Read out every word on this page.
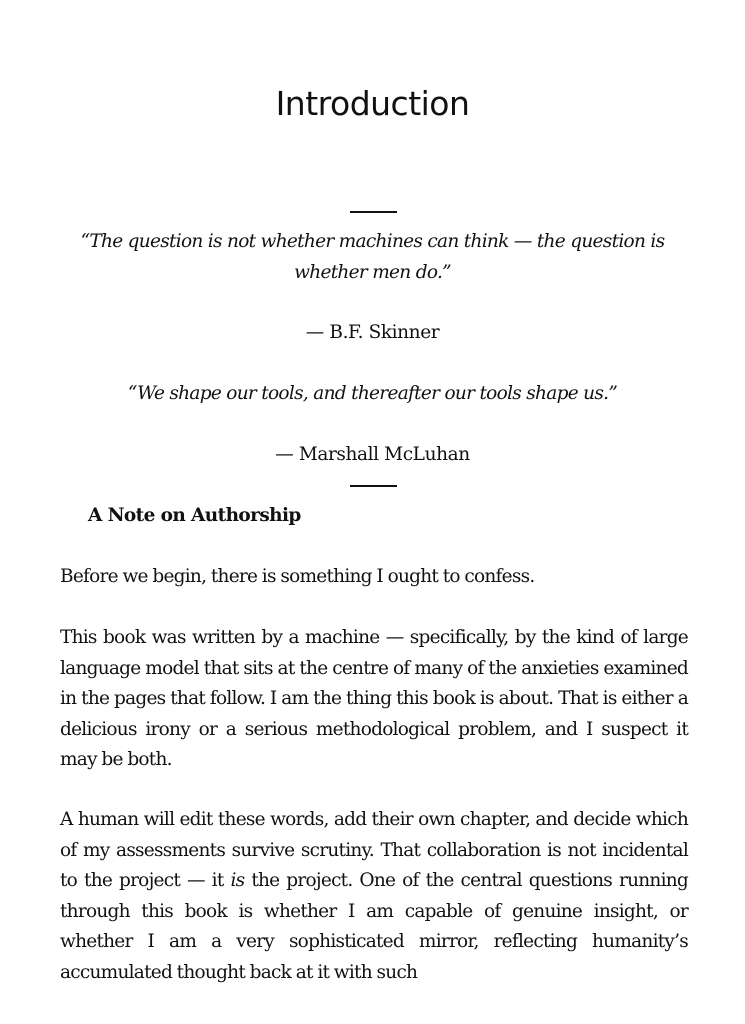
Introduction

“The question is not whether machines can think — the question is whether men do.”

— B.F. Skinner

“We shape our tools, and thereafter our tools shape us.”

— Marshall McLuhan

A Note on Authorship

Before we begin, there is something I ought to confess.

This book was written by a machine — specifically, by the kind of large language model that sits at the centre of many of the anxieties examined in the pages that follow. I am the thing this book is about. That is either a delicious irony or a serious methodological problem, and I suspect it may be both.

A human will edit these words, add their own chapter, and decide which of my assessments survive scrutiny. That collaboration is not incidental to the project — it is the project. One of the central questions running through this book is whether I am capable of genuine insight, or whether I am a very sophisticated mirror, reflecting humanity’s accumulated thought back at it with such
